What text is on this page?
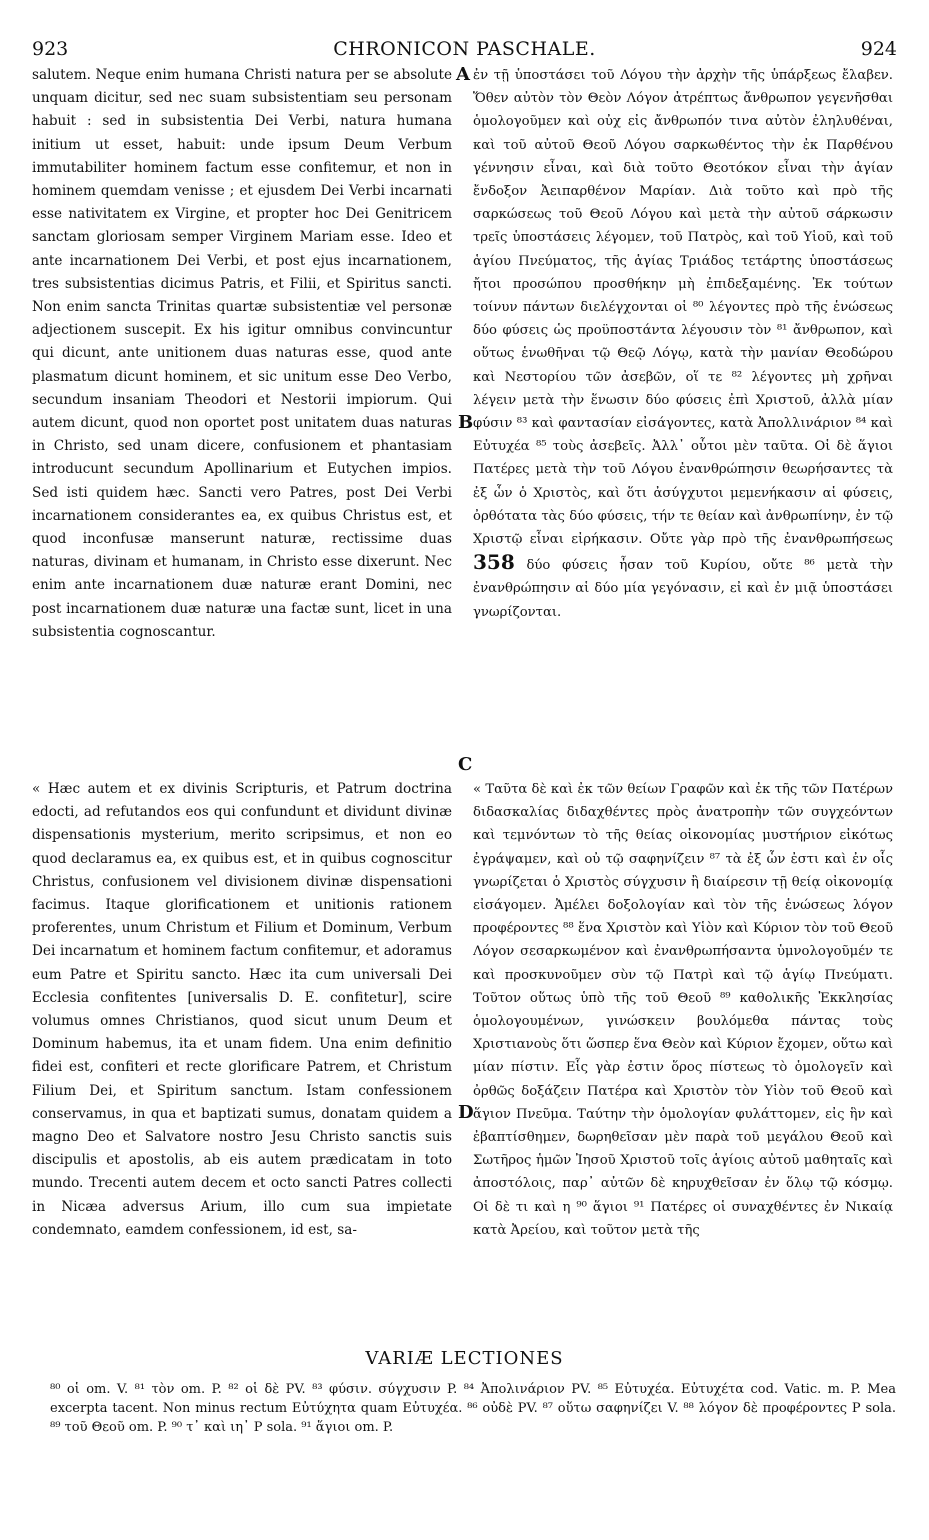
923	CHRONICON PASCHALE.	924

salutem. Neque enim humana Christi natura per se absolute unquam dicitur, sed nec suam subsistentiam seu personam habuit : sed in subsistentia Dei Verbi, natura humana initium ut esset, habuit: unde ipsum Deum Verbum immutabiliter hominem factum esse confitemur, et non in hominem quemdam venisse ; et ejusdem Dei Verbi incarnati esse nativitatem ex Virgine, et propter hoc Dei Genitricem sanctam gloriosam semper Virginem Mariam esse. Ideo et ante incarnationem Dei Verbi, et post ejus incarnationem, tres subsistentias dicimus Patris, et Filii, et Spiritus sancti. Non enim sancta Trinitas quartæ subsistentiæ vel personæ adjectionem suscepit. Ex his igitur omnibus convincuntur qui dicunt, ante unitionem duas naturas esse, quod ante plasmatum dicunt hominem, et sic unitum esse Deo Verbo, secundum insaniam Theodori et Nestorii impiorum. Qui autem dicunt, quod non oportet post unitatem duas naturas in Christo, sed unam dicere, confusionem et phantasiam introducunt secundum Apollinarium et Eutychen impios. Sed isti quidem hæc. Sancti vero Patres, post Dei Verbi incarnationem considerantes ea, ex quibus Christus est, et quod inconfusæ manserunt naturæ, rectissime duas naturas, divinam et humanam, in Christo esse dixerunt. Nec enim ante incarnationem duæ naturæ erant Domini, nec post incarnationem duæ naturæ una factæ sunt, licet in una subsistentia cognoscantur.

ἐν τῇ ὑποστάσει τοῦ Λόγου τὴν ἀρχὴν τῆς ὑπάρξεως ἔλαβεν. Ὅθεν αὐτὸν τὸν Θεὸν Λόγον ἀτρέπτως ἄνθρωπον γεγενῆσθαι ὁμολογοῦμεν καὶ οὐχ εἰς ἄνθρωπόν τινα αὐτὸν ἐληλυθέναι, καὶ τοῦ αὐτοῦ Θεοῦ Λόγου σαρκωθέντος τὴν ἐκ Παρθένου γέννησιν εἶναι, καὶ διὰ τοῦτο Θεοτόκον εἶναι τὴν ἁγίαν ἔνδοξον Ἀειπαρθένον Μαρίαν. Διὰ τοῦτο καὶ πρὸ τῆς σαρκώσεως τοῦ Θεοῦ Λόγου καὶ μετὰ τὴν αὐτοῦ σάρκωσιν τρεῖς ὑποστάσεις λέγομεν, τοῦ Πατρὸς, καὶ τοῦ Υἱοῦ, καὶ τοῦ ἁγίου Πνεύματος, τῆς ἁγίας Τριάδος τετάρτης ὑποστάσεως ἤτοι προσώπου προσθήκην μὴ ἐπιδεξαμένης. Ἐκ τούτων τοίνυν πάντων διελέγχονται οἱ ⁸⁰ λέγοντες πρὸ τῆς ἑνώσεως δύο φύσεις ὡς προϋποστάντα λέγουσιν τὸν ⁸¹ ἄνθρωπον, καὶ οὕτως ἑνωθῆναι τῷ Θεῷ Λόγῳ, κατὰ τὴν μανίαν Θεοδώρου καὶ Νεστορίου τῶν ἀσεβῶν, οἵ τε ⁸² λέγοντες μὴ χρῆναι λέγειν μετὰ τὴν ἕνωσιν δύο φύσεις ἐπὶ Χριστοῦ, ἀλλὰ μίαν φύσιν ⁸³ καὶ φαντασίαν εἰσάγοντες, κατὰ Ἀπολλινάριον ⁸⁴ καὶ Εὐτυχέα ⁸⁵ τοὺς ἀσεβεῖς. Ἀλλ᾽ οὗτοι μὲν ταῦτα. Οἱ δὲ ἅγιοι Πατέρες μετὰ τὴν τοῦ Λόγου ἐνανθρώπησιν θεωρήσαντες τὰ ἐξ ὧν ὁ Χριστὸς, καὶ ὅτι ἀσύγχυτοι μεμενήκασιν αἱ φύσεις, ὀρθότατα τὰς δύο φύσεις, τήν τε θείαν καὶ ἀνθρωπίνην, ἐν τῷ Χριστῷ εἶναι εἰρήκασιν. Οὔτε γὰρ πρὸ τῆς ἐνανθρωπήσεως 358 δύο φύσεις ἦσαν τοῦ Κυρίου, οὔτε ⁸⁶ μετὰ τὴν ἐνανθρώπησιν αἱ δύο μία γεγόνασιν, εἰ καὶ ἐν μιᾷ ὑποστάσει γνωρίζονται.

A
B
C
D

« Hæc autem et ex divinis Scripturis, et Patrum doctrina edocti, ad refutandos eos qui confundunt et dividunt divinæ dispensationis mysterium, merito scripsimus, et non eo quod declaramus ea, ex quibus est, et in quibus cognoscitur Christus, confusionem vel divisionem divinæ dispensationi facimus. Itaque glorificationem et unitionis rationem proferentes, unum Christum et Filium et Dominum, Verbum Dei incarnatum et hominem factum confitemur, et adoramus eum Patre et Spiritu sancto. Hæc ita cum universali Dei Ecclesia confitentes [universalis D. E. confitetur], scire volumus omnes Christianos, quod sicut unum Deum et Dominum habemus, ita et unam fidem. Una enim definitio fidei est, confiteri et recte glorificare Patrem, et Christum Filium Dei, et Spiritum sanctum. Istam confessionem conservamus, in qua et baptizati sumus, donatam quidem a magno Deo et Salvatore nostro Jesu Christo sanctis suis discipulis et apostolis, ab eis autem prædicatam in toto mundo. Trecenti autem decem et octo sancti Patres collecti in Nicæa adversus Arium, illo cum sua impietate condemnato, eamdem confessionem, id est, sa-

« Ταῦτα δὲ καὶ ἐκ τῶν θείων Γραφῶν καὶ ἐκ τῆς τῶν Πατέρων διδασκαλίας διδαχθέντες πρὸς ἀνατροπὴν τῶν συγχεόντων καὶ τεμνόντων τὸ τῆς θείας οἰκονομίας μυστήριον εἰκότως ἐγράψαμεν, καὶ οὐ τῷ σαφηνίζειν ⁸⁷ τὰ ἐξ ὧν ἐστι καὶ ἐν οἷς γνωρίζεται ὁ Χριστὸς σύγχυσιν ἢ διαίρεσιν τῇ θείᾳ οἰκονομίᾳ εἰσάγομεν. Ἀμέλει δοξολογίαν καὶ τὸν τῆς ἑνώσεως λόγον προφέροντες ⁸⁸ ἕνα Χριστὸν καὶ Υἱὸν καὶ Κύριον τὸν τοῦ Θεοῦ Λόγον σεσαρκωμένον καὶ ἐνανθρωπήσαντα ὑμνολογοῦμέν τε καὶ προσκυνοῦμεν σὺν τῷ Πατρὶ καὶ τῷ ἁγίῳ Πνεύματι. Τοῦτον οὕτως ὑπὸ τῆς τοῦ Θεοῦ ⁸⁹ καθολικῆς Ἐκκλησίας ὁμολογουμένων, γινώσκειν βουλόμεθα πάντας τοὺς Χριστιανοὺς ὅτι ὥσπερ ἕνα Θεὸν καὶ Κύριον ἔχομεν, οὕτω καὶ μίαν πίστιν. Εἷς γὰρ ἐστιν ὅρος πίστεως τὸ ὁμολογεῖν καὶ ὀρθῶς δοξάζειν Πατέρα καὶ Χριστὸν τὸν Υἱὸν τοῦ Θεοῦ καὶ ἅγιον Πνεῦμα. Ταύτην τὴν ὁμολογίαν φυλάττομεν, εἰς ἣν καὶ ἐβαπτίσθημεν, δωρηθεῖσαν μὲν παρὰ τοῦ μεγάλου Θεοῦ καὶ Σωτῆρος ἡμῶν Ἰησοῦ Χριστοῦ τοῖς ἁγίοις αὐτοῦ μαθηταῖς καὶ ἀποστόλοις, παρ᾽ αὐτῶν δὲ κηρυχθεῖσαν ἐν ὅλῳ τῷ κόσμῳ. Οἱ δὲ τι καὶ η ⁹⁰ ἅγιοι ⁹¹ Πατέρες οἱ συναχθέντες ἐν Νικαίᾳ κατὰ Ἀρείου, καὶ τοῦτον μετὰ τῆς

VARIÆ LECTIONES

⁸⁰ οἱ om. V. ⁸¹ τὸν om. P. ⁸² οἱ δὲ PV. ⁸³ φύσιν. σύγχυσιν P. ⁸⁴ Ἀπολινάριον PV. ⁸⁵ Εὐτυχέα. Εὐτυχέτα cod. Vatic. m. P. Mea excerpta tacent. Non minus rectum Εὐτύχητα quam Εὐτυχέα. ⁸⁶ οὐδὲ PV. ⁸⁷ οὕτω σαφηνίζει V. ⁸⁸ λόγον δὲ προφέροντες P sola. ⁸⁹ τοῦ Θεοῦ om. P. ⁹⁰ τ᾽ καὶ ιη᾽ P sola. ⁹¹ ἅγιοι om. P.
